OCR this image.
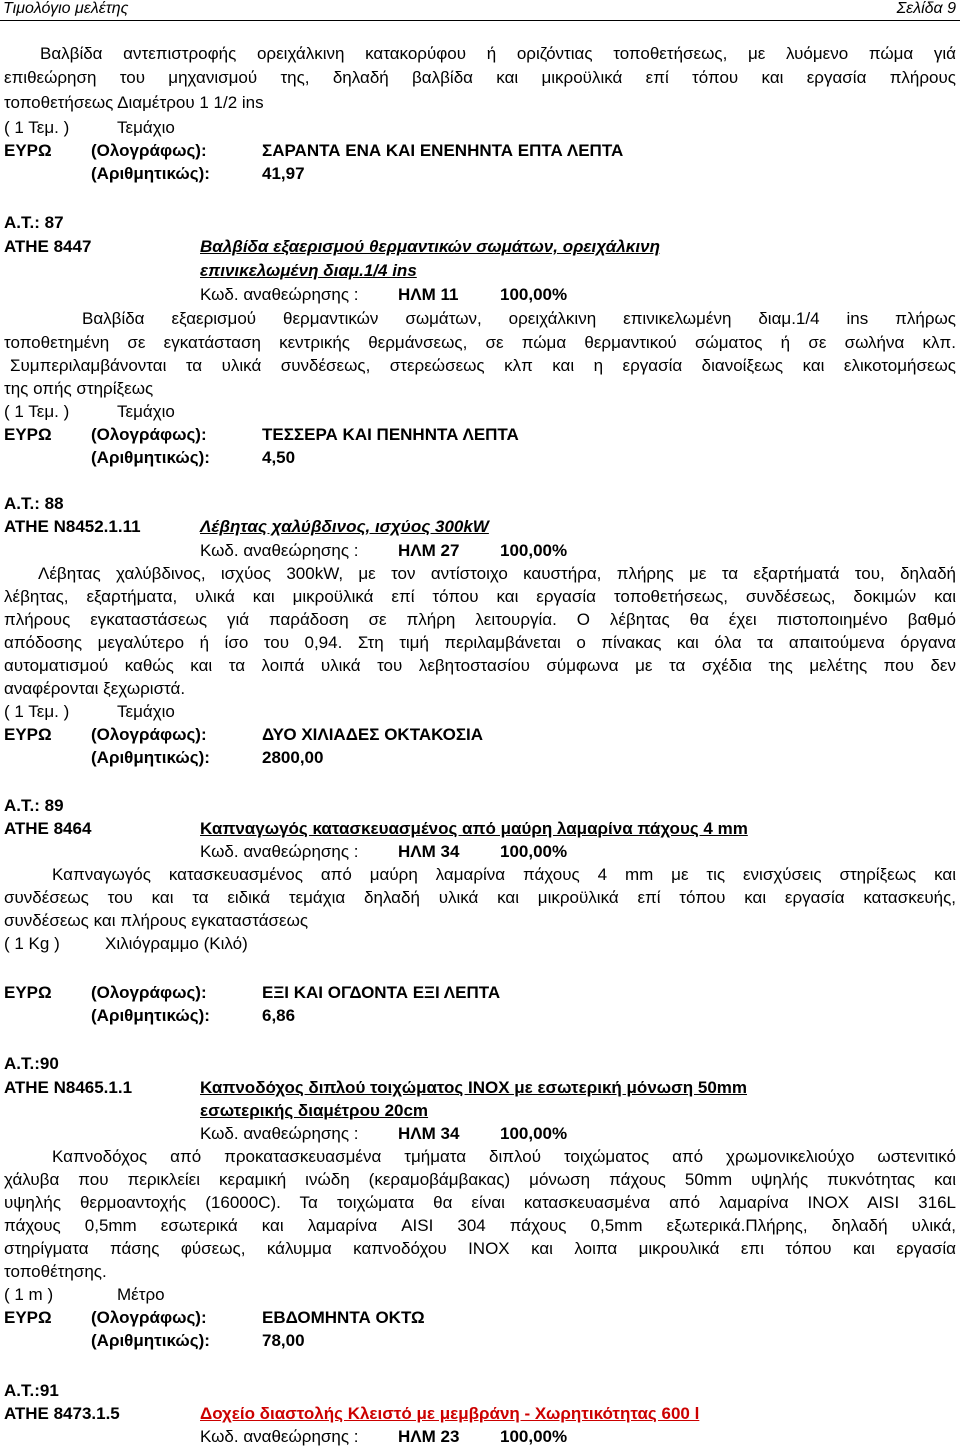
Τιμολόγιο μελέτης	Σελίδα 9
Βαλβίδα αντεπιστροφής ορειχάλκινη κατακορύφου ή οριζόντιας τοποθετήσεως, με λυόμενο πώμα γιά
επιθεώρηση του μηχανισμού της, δηλαδή βαλβίδα και μικροϋλικά επί τόπου και εργασία πλήρους
τοποθετήσεως Διαμέτρου 1 1/2 ins
( 1 Τεμ. )	Τεμάχιο
ΕΥΡΩ (Ολογράφως):	ΣΑΡΑΝΤΑ ΕΝΑ ΚΑΙ ΕΝΕΝΗΝΤΑ ΕΠΤΑ ΛΕΠΤΑ
(Αριθμητικώς):	41,97
Α.Τ.: 87
ΑΤΗΕ 8447	Βαλβίδα εξαερισμού θερμαντικών σωμάτων, ορειχάλκινη
επινικελωμένη διαμ.1/4 ins
Κωδ. αναθεώρησης : ΗΛΜ 11 100,00%
Βαλβίδα εξαερισμού θερμαντικών σωμάτων, ορειχάλκινη επινικελωμένη διαμ.1/4 ins πλήρως
τοποθετημένη σε εγκατάσταση κεντρικής θερμάνσεως, σε πώμα θερμαντικού σώματος ή σε σωλήνα κλπ.
Συμπεριλαμβάνονται τα υλικά συνδέσεως, στερεώσεως κλπ και η εργασία διανοίξεως και ελικοτομήσεως
της οπής στηρίξεως
( 1 Τεμ. )	Τεμάχιο
ΕΥΡΩ (Ολογράφως):	ΤΕΣΣΕΡΑ ΚΑΙ ΠΕΝΗΝΤΑ ΛΕΠΤΑ
(Αριθμητικώς):	4,50
Α.Τ.: 88
ΑΤΗΕ Ν8452.1.11	Λέβητας χαλύβδινος, ισχύος 300kW
Κωδ. αναθεώρησης : ΗΛΜ 27 100,00%
Λέβητας χαλύβδινος, ισχύος 300kW, με τον αντίστοιχο καυστήρα, πλήρης με τα εξαρτήματά του, δηλαδή
λέβητας, εξαρτήματα, υλικά και μικροϋλικά επί τόπου και εργασία τοποθετήσεως, συνδέσεως, δοκιμών και
πλήρους εγκαταστάσεως γιά παράδοση σε πλήρη λειτουργία. Ο λέβητας θα έχει πιστοποιημένο βαθμό
απόδοσης μεγαλύτερο ή ίσο του 0,94. Στη τιμή περιλαμβάνεται ο πίνακας και όλα τα απαιτούμενα όργανα
αυτοματισμού καθώς και τα λοιπά υλικά του λεβητοστασίου σύμφωνα με τα σχέδια της μελέτης που δεν
αναφέρονται ξεχωριστά.
( 1 Τεμ. )	Τεμάχιο
ΕΥΡΩ (Ολογράφως):	ΔΥΟ ΧΙΛΙΑΔΕΣ ΟΚΤΑΚΟΣΙΑ
(Αριθμητικώς):	2800,00
Α.Τ.: 89
ΑΤΗΕ 8464	Καπναγωγός κατασκευασμένος από μαύρη λαμαρίνα πάχους 4 mm
Κωδ. αναθεώρησης : ΗΛΜ 34 100,00%
Καπναγωγός κατασκευασμένος από μαύρη λαμαρίνα πάχους 4 mm με τις ενισχύσεις στηρίξεως και
συνδέσεως του και τα ειδικά τεμάχια δηλαδή υλικά και μικροϋλικά επί τόπου και εργασία κατασκευής,
συνδέσεως και πλήρους εγκαταστάσεως
( 1 Kg )	Χιλιόγραμμο (Κιλό)
ΕΥΡΩ (Ολογράφως):	ΕΞΙ ΚΑΙ ΟΓΔΟΝΤΑ ΕΞΙ ΛΕΠΤΑ
(Αριθμητικώς):	6,86
Α.Τ.:90
ΑΤΗΕ Ν8465.1.1	Καπνοδόχος διπλού τοιχώματος INOX με εσωτερική μόνωση 50mm
εσωτερικής διαμέτρου 20cm
Κωδ. αναθεώρησης : ΗΛΜ 34 100,00%
Καπνοδόχος από προκατασκευασμένα τμήματα διπλού τοιχώματος από χρωμονικελιούχο ωστενιτικό
χάλυβα που περικλείει κεραμική ινώδη (κεραμοβάμβακας) μόνωση πάχους 50mm υψηλής πυκνότητας και
υψηλής θερμοαντοχής (16000C). Τα τοιχώματα θα είναι κατασκευασμένα από λαμαρίνα INOX AISI 316L
πάχους 0,5mm εσωτερικά και λαμαρίνα AISI 304 πάχους 0,5mm εξωτερικά.Πλήρης, δηλαδή υλικά,
στηρίγματα πάσης φύσεως, κάλυμμα καπνοδόχου INOX και λοιπα μικρουλικά επι τόπου και εργασία
τοποθέτησης.
( 1 m )	Μέτρο
ΕΥΡΩ (Ολογράφως):	ΕΒΔΟΜΗΝΤΑ ΟΚΤΩ
(Αριθμητικώς):	78,00
Α.Τ.:91
ΑΤΗΕ 8473.1.5	Δοχείο διαστολής Κλειστό με μεμβράνη - Χωρητικότητας 600 l
Κωδ. αναθεώρησης : ΗΛΜ 23 100,00%
